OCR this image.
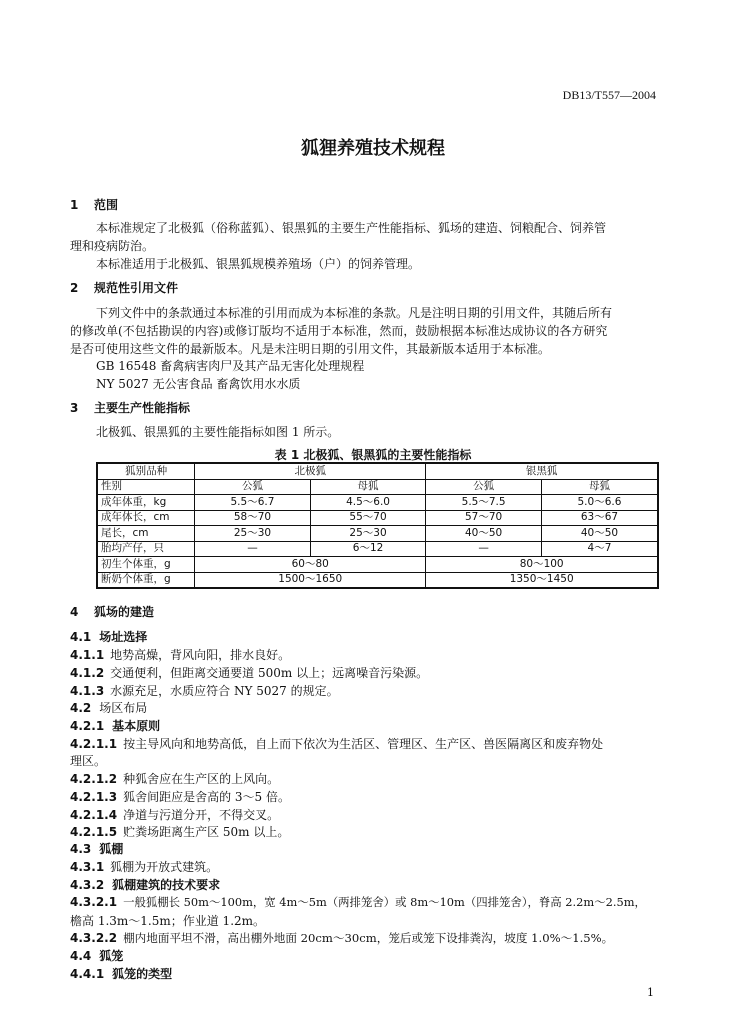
DB13/T557—2004
狐狸养殖技术规程
1 范围
本标准规定了北极狐（俗称蓝狐）、银黑狐的主要生产性能指标、狐场的建造、饲粮配合、饲养管
理和疫病防治。
本标准适用于北极狐、银黑狐规模养殖场（户）的饲养管理。
2 规范性引用文件
下列文件中的条款通过本标准的引用而成为本标准的条款。凡是注明日期的引用文件，其随后所有
的修改单(不包括勘误的内容)或修订版均不适用于本标准，然而，鼓励根据本标准达成协议的各方研究
是否可使用这些文件的最新版本。凡是未注明日期的引用文件，其最新版本适用于本标准。
GB 16548 畜禽病害肉尸及其产品无害化处理规程
NY 5027 无公害食品 畜禽饮用水水质
3 主要生产性能指标
北极狐、银黑狐的主要性能指标如图 1 所示。
表 1 北极狐、银黑狐的主要性能指标
狐别品种	北极狐		银黑狐	
性别	公狐	母狐	公狐	母狐
成年体重，kg	5.5～6.7	4.5～6.0	5.5～7.5	5.0～6.6
成年体长，cm	58～70	55～70	57～70	63～67
尾长，cm	25～30	25～30	40～50	40～50
胎均产仔，只	—	6～12	—	4～7
初生个体重，g	60～80		80～100	
断奶个体重，g	1500～1650		1350～1450	
4 狐场的建造
4.1 场址选择
4.1.1 地势高燥，背风向阳，排水良好。
4.1.2 交通便利，但距离交通要道 500m 以上；远离噪音污染源。
4.1.3 水源充足，水质应符合 NY 5027 的规定。
4.2 场区布局
4.2.1 基本原则
4.2.1.1 按主导风向和地势高低，自上而下依次为生活区、管理区、生产区、兽医隔离区和废弃物处
理区。
4.2.1.2 种狐舍应在生产区的上风向。
4.2.1.3 狐舍间距应是舍高的 3～5 倍。
4.2.1.4 净道与污道分开，不得交叉。
4.2.1.5 贮粪场距离生产区 50m 以上。
4.3 狐棚
4.3.1 狐棚为开放式建筑。
4.3.2 狐棚建筑的技术要求
4.3.2.1 一般狐棚长 50m～100m，宽 4m～5m（两排笼舍）或 8m～10m（四排笼舍），脊高 2.2m～2.5m，
檐高 1.3m～1.5m；作业道 1.2m。
4.3.2.2 棚内地面平坦不滑，高出棚外地面 20cm～30cm，笼后或笼下设排粪沟，坡度 1.0%～1.5%。
4.4 狐笼
4.4.1 狐笼的类型
1
